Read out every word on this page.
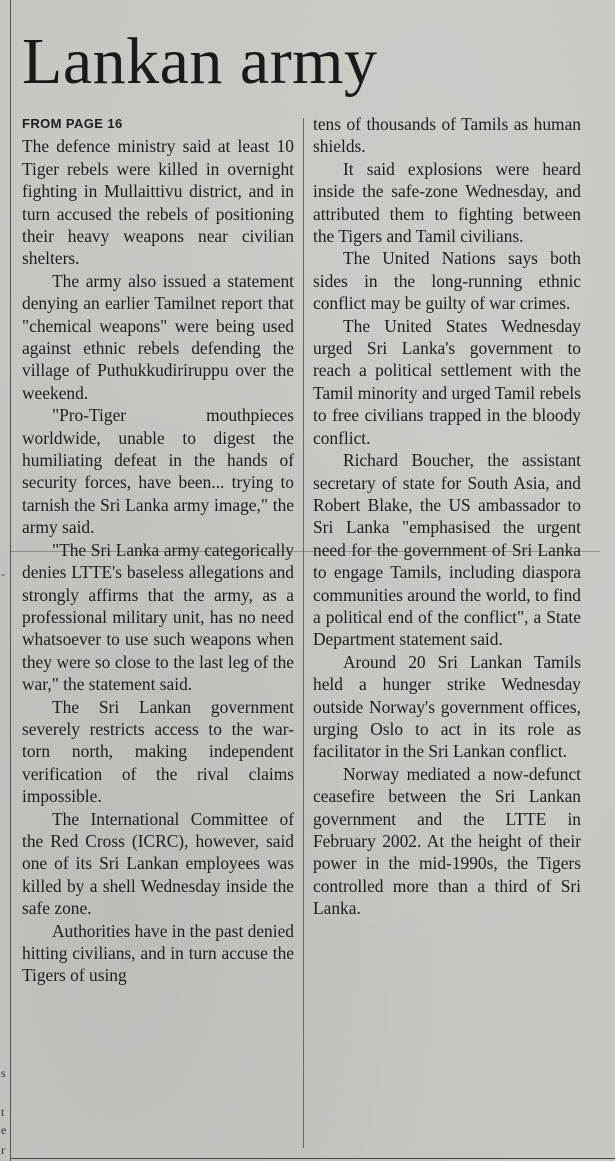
-
s
t
e
r
Lankan army
FROM PAGE 16

The defence ministry said at least 10 Tiger rebels were killed in overnight fighting in Mullaittivu district, and in turn accused the rebels of positioning their heavy weapons near civilian shelters.

The army also issued a statement denying an earlier Tamilnet report that "chemical weapons" were being used against ethnic rebels defending the village of Puthukkudiriruppu over the weekend.

"Pro-Tiger mouthpieces worldwide, unable to digest the humiliating defeat in the hands of security forces, have been... trying to tarnish the Sri Lanka army image," the army said.

"The Sri Lanka army categorically denies LTTE's baseless allegations and strongly affirms that the army, as a professional military unit, has no need whatsoever to use such weapons when they were so close to the last leg of the war," the statement said.

The Sri Lankan government severely restricts access to the war-torn north, making independent verification of the rival claims impossible.

The International Committee of the Red Cross (ICRC), however, said one of its Sri Lankan employees was killed by a shell Wednesday inside the safe zone.

Authorities have in the past denied hitting civilians, and in turn accuse the Tigers of using

tens of thousands of Tamils as human shields.

It said explosions were heard inside the safe-zone Wednesday, and attributed them to fighting between the Tigers and Tamil civilians.

The United Nations says both sides in the long-running ethnic conflict may be guilty of war crimes.

The United States Wednesday urged Sri Lanka's government to reach a political settlement with the Tamil minority and urged Tamil rebels to free civilians trapped in the bloody conflict.

Richard Boucher, the assistant secretary of state for South Asia, and Robert Blake, the US ambassador to Sri Lanka "emphasised the urgent need for the government of Sri Lanka to engage Tamils, including diaspora communities around the world, to find a political end of the conflict", a State Department statement said.

Around 20 Sri Lankan Tamils held a hunger strike Wednesday outside Norway's government offices, urging Oslo to act in its role as facilitator in the Sri Lankan conflict.

Norway mediated a now-defunct ceasefire between the Sri Lankan government and the LTTE in February 2002. At the height of their power in the mid-1990s, the Tigers controlled more than a third of Sri Lanka.
